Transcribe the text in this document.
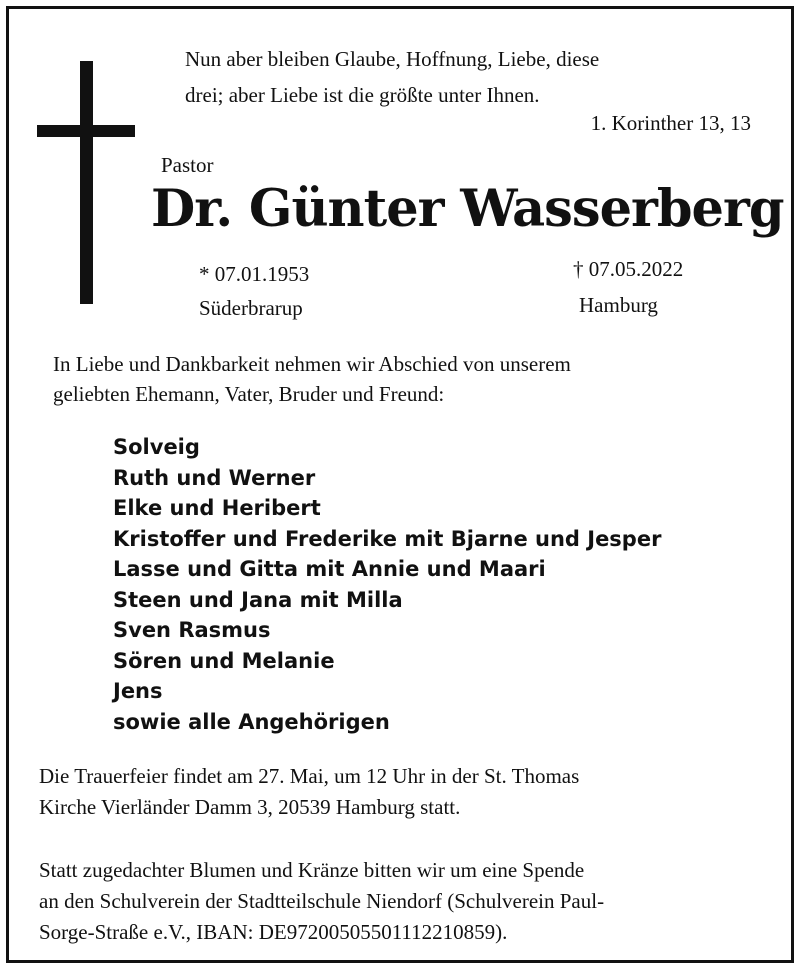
Nun aber bleiben Glaube, Hoffnung, Liebe, diese
drei; aber Liebe ist die größte unter Ihnen.
1. Korinther 13, 13
Pastor
Dr. Günter Wasserberg
* 07.01.1953
Süderbrarup
† 07.05.2022
Hamburg
In Liebe und Dankbarkeit nehmen wir Abschied von unserem
geliebten Ehemann, Vater, Bruder und Freund:
Solveig
Ruth und Werner
Elke und Heribert
Kristoffer und Frederike mit Bjarne und Jesper
Lasse und Gitta mit Annie und Maari
Steen und Jana mit Milla
Sven Rasmus
Sören und Melanie
Jens
sowie alle Angehörigen
Die Trauerfeier findet am 27. Mai, um 12 Uhr in der St. Thomas
Kirche Vierländer Damm 3, 20539 Hamburg statt.
Statt zugedachter Blumen und Kränze bitten wir um eine Spende
an den Schulverein der Stadtteilschule Niendorf (Schulverein Paul-
Sorge-Straße e.V., IBAN: DE97200505501112210859).
